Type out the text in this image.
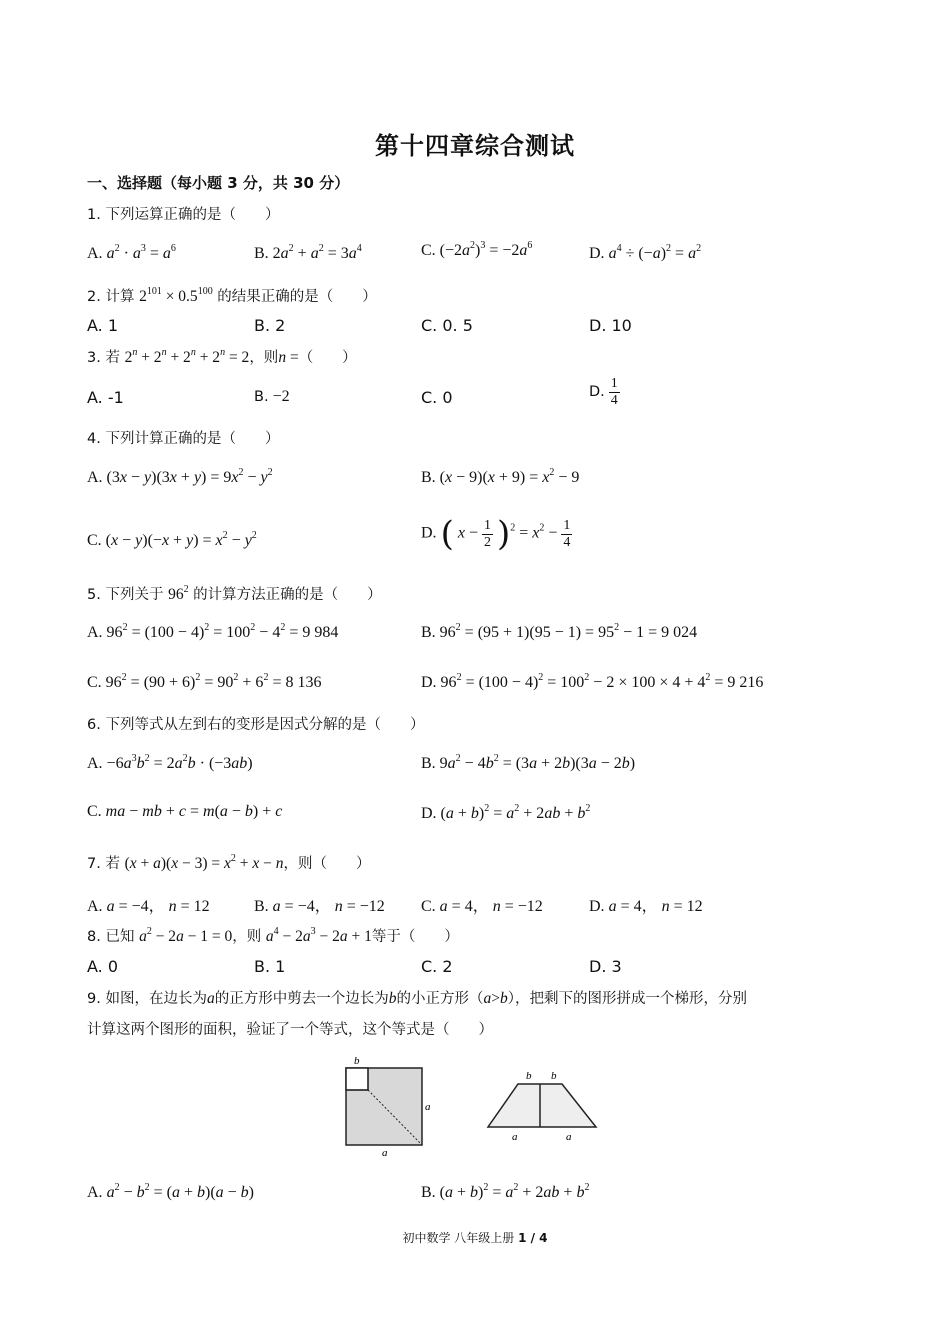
第十四章综合测试
一、选择题（每小题 3 分，共 30 分）
1. 下列运算正确的是（　　）
A. $a^2 \cdot a^3 = a^6$	B. $2a^2 + a^2 = 3a^4$	C. $(-2a^2)^3 = -2a^6$	D. $a^4 \div (-a)^2 = a^2$
2. 计算 $2^{101} \times 0.5^{100}$ 的结果正确的是（　　）
A. 1	B. 2	C. 0. 5	D. 10
3. 若 $2^n + 2^n + 2^n + 2^n = 2$，则n =（　　）
A. -1	B. −2	C. 0	D. $\frac{1}{4}$
4. 下列计算正确的是（　　）
A. $(3x - y)(3x + y) = 9x^2 - y^2$	B. $(x - 9)(x + 9) = x^2 - 9$
C. $(x - y)(-x + y) = x^2 - y^2$	D. ( $x - \frac{1}{2} )^2 = x^2 - \frac{1}{4}$
5. 下列关于 $96^2$ 的计算方法正确的是（　　）
A. $96^2 = (100 - 4)^2 = 100^2 - 4^2 = 9$ 984	B. $96^2 = (95 + 1)(95 - 1) = 95^2 - 1 = 9$ 024
C. $96^2 = (90 + 6)^2 = 90^2 + 6^2 = 8$ 136	D. $96^2 = (100 - 4)^2 = 100^2 - 2 \times 100 \times 4 + 4^2 = 9$ 216
6. 下列等式从左到右的变形是因式分解的是（　　）
A. $-6a^3b^2 = 2a^2b \cdot (-3ab)$	B. $9a^2 - 4b^2 = (3a + 2b)(3a - 2b)$
C. ma − mb + c = m(a − b) + c	D. $(a + b)^2 = a^2 + 2ab + b^2$
7. 若 $(x + a)(x - 3) = x^2 + x - n$，则（　　）
A. a = −4， n = 12	B. a = −4， n = −12 C. a = 4， n = −12	D. a = 4， n = 12
8. 已知 $a^2 - 2a - 1 = 0$，则 $a^4 - 2a^3 - 2a + 1$等于（　　）
A. 0	B. 1	C. 2	D. 3
9. 如图，在边长为a的正方形中剪去一个边长为b的小正方形（a>b），把剩下的图形拼成一个梯形，分别
计算这两个图形的面积，验证了一个等式，这个等式是（　　）
b
a
a
b b
a	a
A. $a^2 - b^2 = (a + b)(a - b)$	B. $(a + b)^2 = a^2 + 2ab + b^2$
初中数学 八年级上册 1 / 4
